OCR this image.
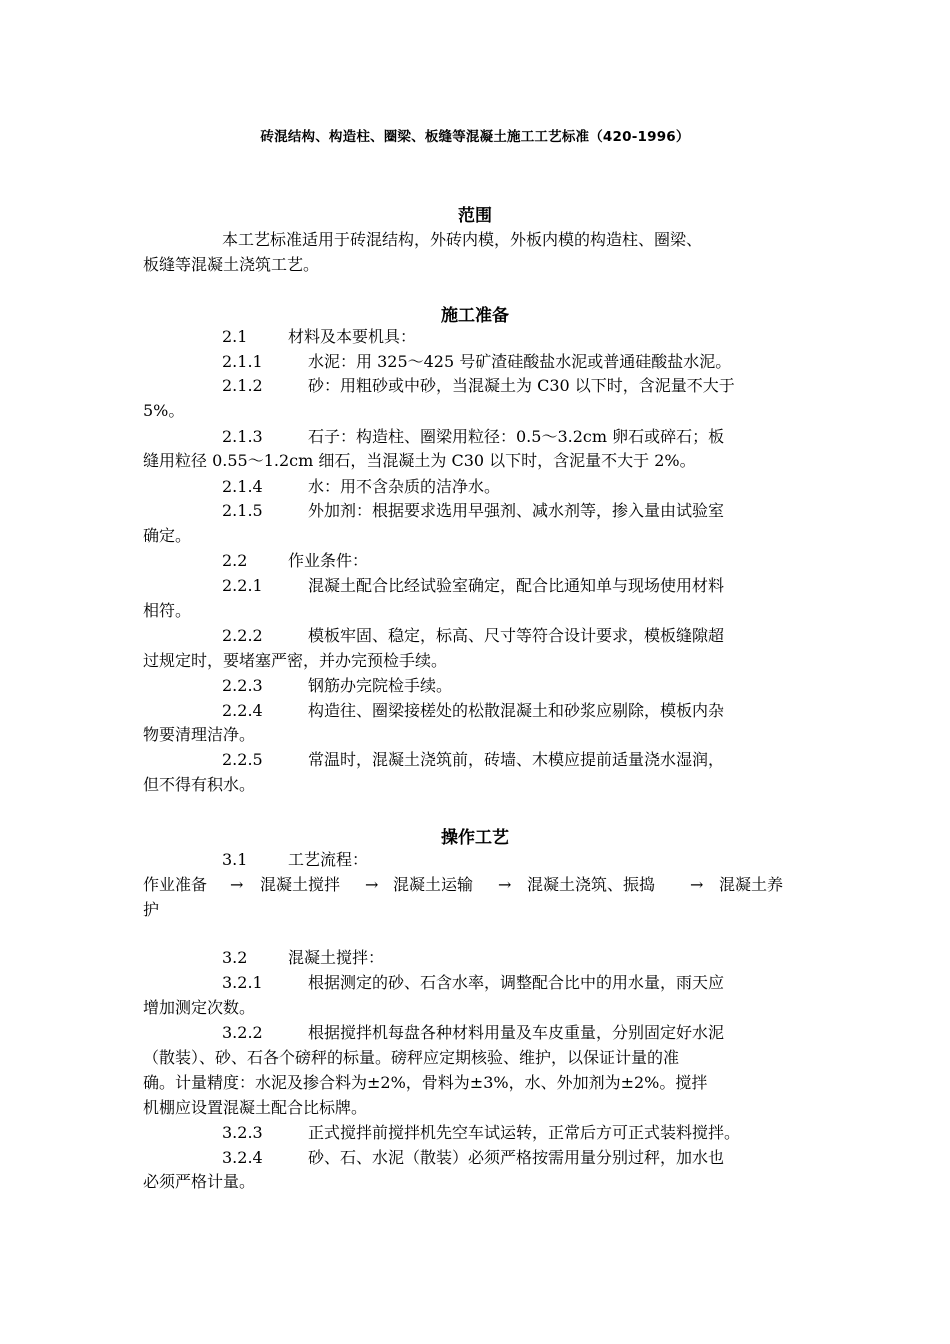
砖混结构、构造柱、圈梁、板缝等混凝土施工工艺标准（420-1996）
范围
本工艺标准适用于砖混结构，外砖内模，外板内模的构造柱、圈梁、
板缝等混凝土浇筑工艺。
施工准备
2.1	材料及本要机具：
2.1.1	水泥：用 325～425 号矿渣硅酸盐水泥或普通硅酸盐水泥。
2.1.2	砂：用粗砂或中砂，当混凝土为 C30 以下时，含泥量不大于
5%。
2.1.3	石子：构造柱、圈梁用粒径：0.5～3.2cm 卵石或碎石；板
缝用粒径 0.55～1.2cm 细石，当混凝土为 C30 以下时，含泥量不大于 2%。
2.1.4	水：用不含杂质的洁净水。
2.1.5	外加剂：根据要求选用早强剂、减水剂等，掺入量由试验室
确定。
2.2	作业条件：
2.2.1	混凝土配合比经试验室确定，配合比通知单与现场使用材料
相符。
2.2.2	模板牢固、稳定，标高、尺寸等符合设计要求，模板缝隙超
过规定时，要堵塞严密，并办完预检手续。
2.2.3	钢筋办完院检手续。
2.2.4	构造往、圈梁接槎处的松散混凝土和砂浆应剔除，模板内杂
物要清理洁净。
2.2.5	常温时，混凝土浇筑前，砖墙、木模应提前适量浇水湿润，
但不得有积水。
操作工艺
3.1	工艺流程：
作业准备 → 混凝土搅拌 → 混凝土运输 → 混凝土浇筑、振捣 → 混凝土养
护
3.2	混凝土搅拌：
3.2.1	根据测定的砂、石含水率，调整配合比中的用水量，雨天应
增加测定次数。
3.2.2	根据搅拌机每盘各种材料用量及车皮重量，分别固定好水泥
（散装）、砂、石各个磅秤的标量。磅秤应定期核验、维护，以保证计量的准
确。计量精度：水泥及掺合料为±2%，骨料为±3%，水、外加剂为±2%。搅拌
机棚应设置混凝土配合比标牌。
3.2.3	正式搅拌前搅拌机先空车试运转，正常后方可正式装料搅拌。
3.2.4	砂、石、水泥（散装）必须严格按需用量分别过秤，加水也
必须严格计量。
